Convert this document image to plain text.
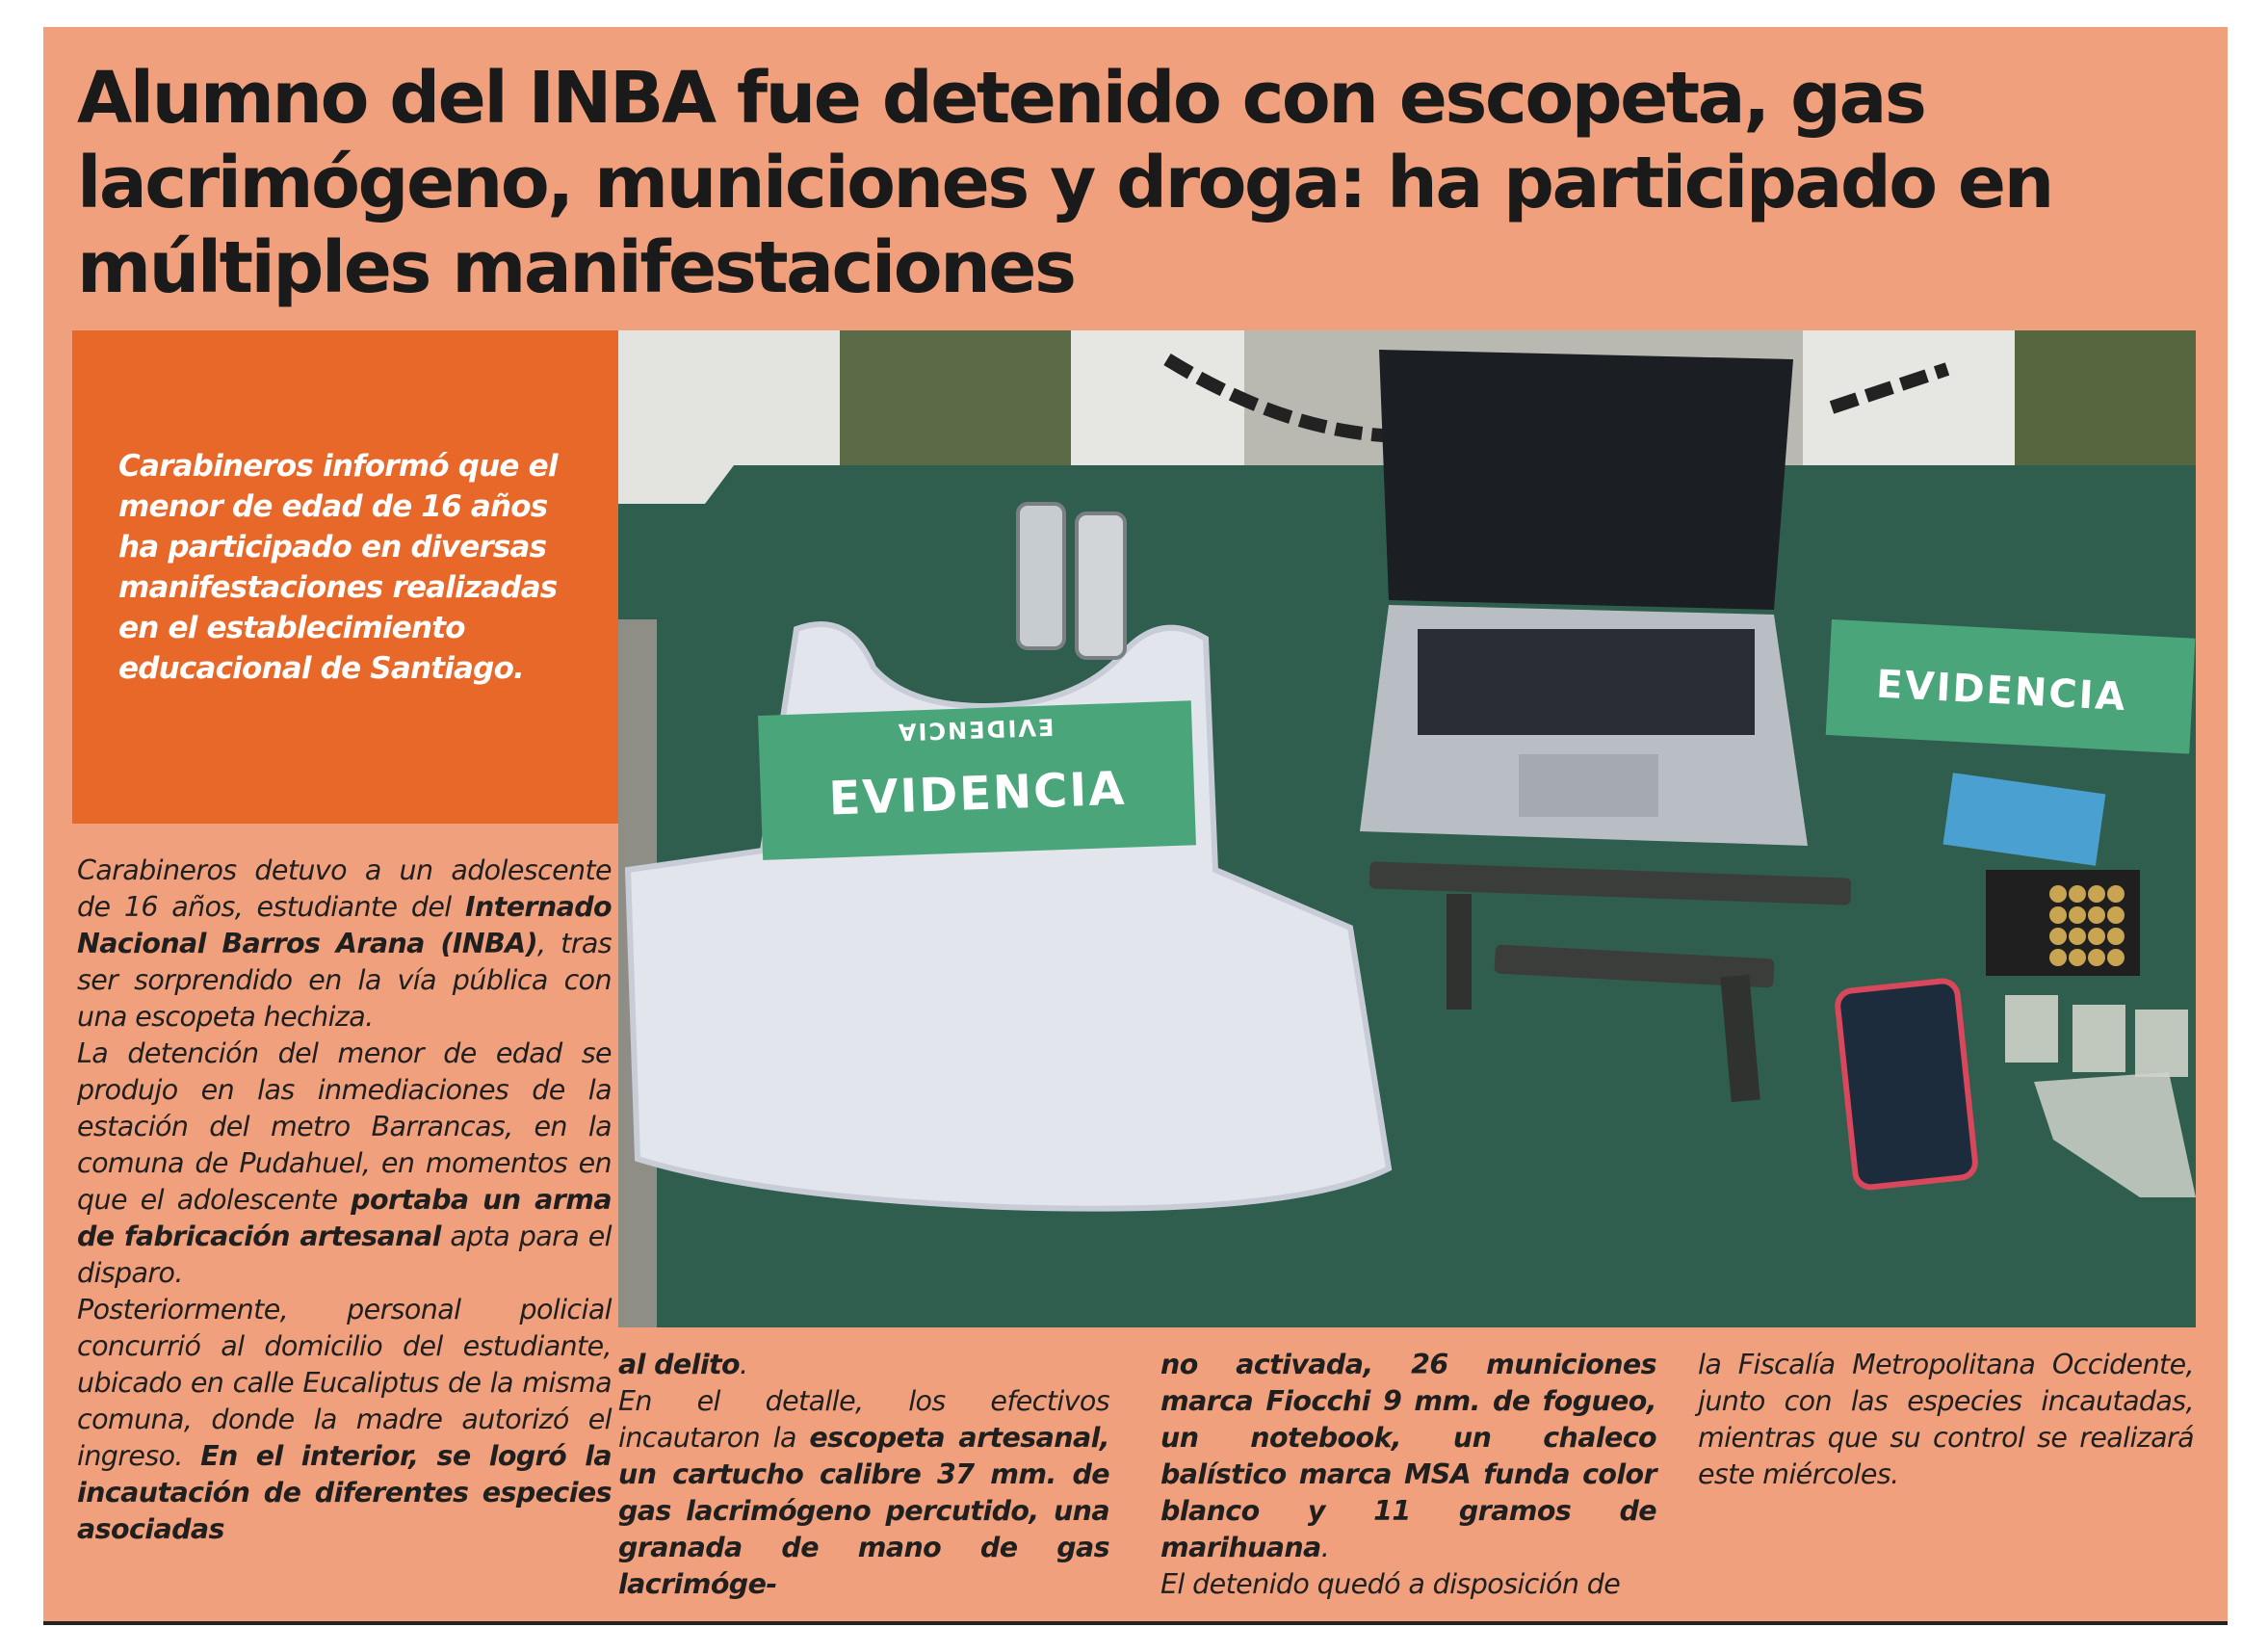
Alumno del INBA fue detenido con escopeta, gas lacrimógeno, municiones y droga: ha participado en múltiples manifestaciones
Carabineros informó que el menor de edad de 16 años ha participado en diversas manifestaciones realizadas en el establecimiento educacional de Santiago.
EVIDENCIA
EVIDENCIA
EVIDENCIA

Carabineros detuvo a un adolescente de 16 años, estudiante del Internado Nacional Barros Arana (INBA), tras ser sorprendido en la vía pública con una escopeta hechiza.

La detención del menor de edad se produjo en las inmediaciones de la estación del metro Barrancas, en la comuna de Pudahuel, en momentos en que el adolescente portaba un arma de fabricación artesanal apta para el disparo.

Posteriormente, personal policial concurrió al domicilio del estudiante, ubicado en calle Eucaliptus de la misma comuna, donde la madre autorizó el ingreso. En el interior, se logró la incautación de diferentes especies asociadas

al delito.

En el detalle, los efectivos incautaron la escopeta artesanal, un cartucho calibre 37 mm. de gas lacrimógeno percutido, una granada de mano de gas lacrimóge-

no activada, 26 municiones marca Fiocchi 9 mm. de fogueo, un notebook, un chaleco balístico marca MSA funda color blanco y 11 gramos de marihuana.

El detenido quedó a disposición de

la Fiscalía Metropolitana Occidente, junto con las especies incautadas, mientras que su control se realizará este miércoles.
